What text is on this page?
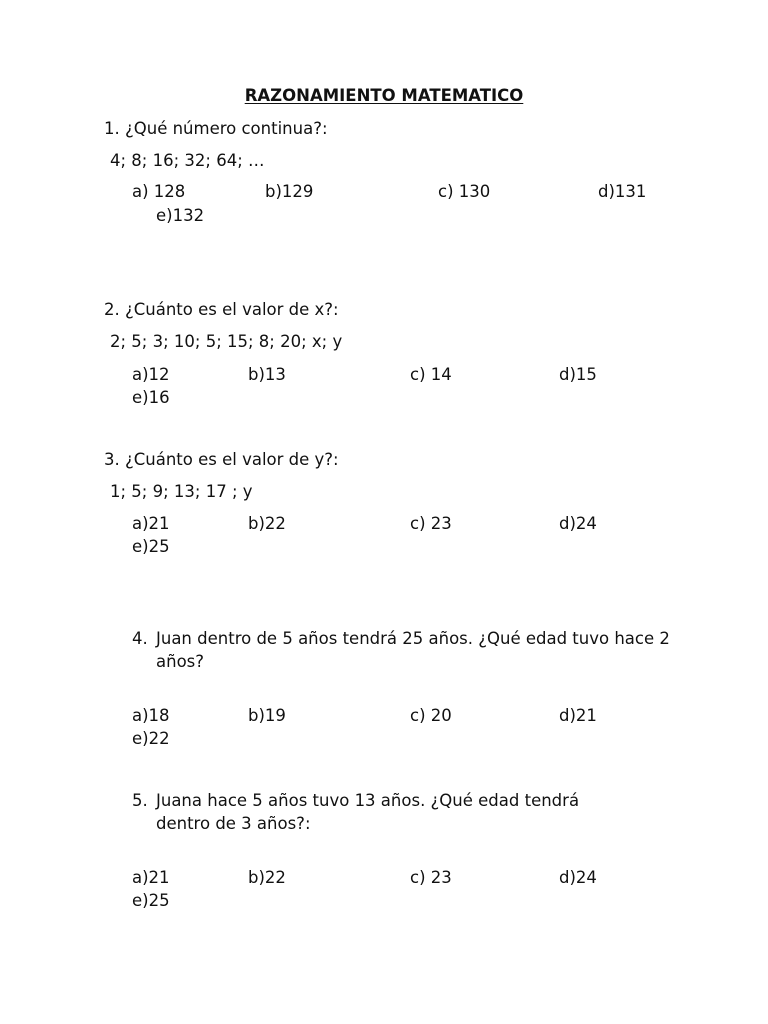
RAZONAMIENTO MATEMATICO
1. ¿Qué número continua?:
4; 8; 16; 32; 64; …
a) 128	b)129	c) 130	d)131
e)132
2. ¿Cuánto es el valor de x?:
2; 5; 3; 10; 5; 15; 8; 20; x; y
a)12	b)13	c) 14	d)15
e)16
3. ¿Cuánto es el valor de y?:
1; 5; 9; 13; 17 ; y
a)21	b)22	c) 23	d)24
e)25
4. Juan dentro de 5 años tendrá 25 años. ¿Qué edad tuvo hace 2 años?
a)18	b)19	c) 20	d)21
e)22
5. Juana hace 5 años tuvo 13 años. ¿Qué edad tendrá dentro de 3 años?:
a)21	b)22	c) 23	d)24
e)25
